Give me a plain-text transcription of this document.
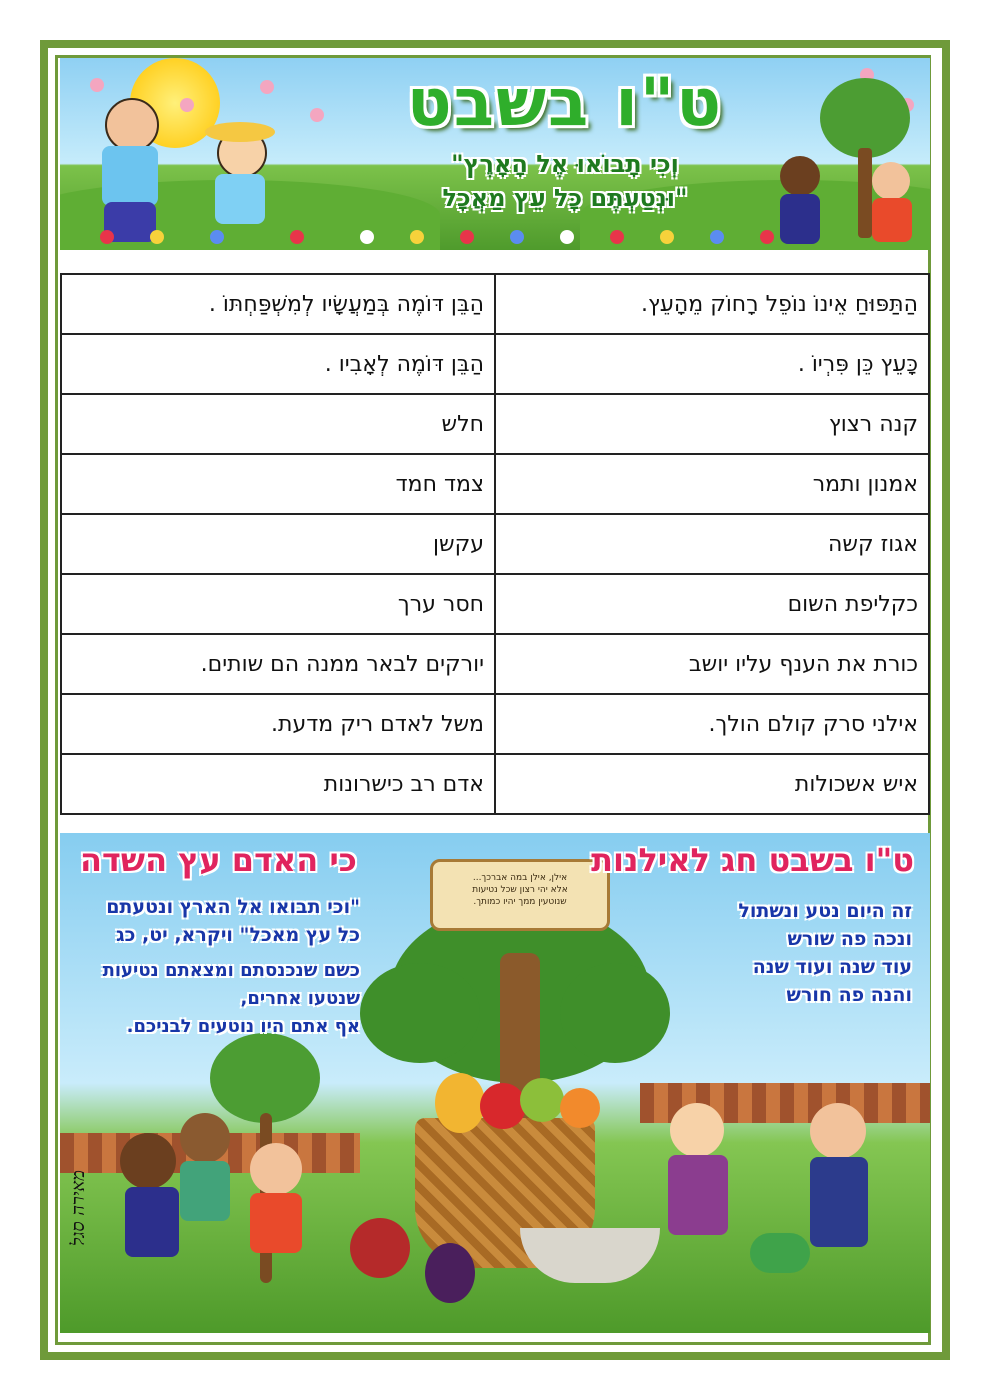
ט"ו בשבט
"וְכִי תָבוֹאוּ אֶל הָאָרֶץ
וּנְטַעְתֶּם כָּל עֵץ מַאֲכָל"
הַתַּפּוּחַ אֵינוֹ נוֹפֵל רָחוֹק מֵהָעֵץ.	הַבֵּן דּוֹמֶה בְּמַעֲשָׂיו לְמִשְׁפַּחְתּוֹ .
כָּעֵץ כֵּן פִּרְיוֹ .	הַבֵּן דּוֹמֶה לְאָבִיו .
קנה רצוץ	חלש
אמנון ותמר	צמד חמד
אגוז קשה	עקשן
כקליפת השום	חסר ערך
כורת את הענף עליו יושב	יורקים לבאר ממנה הם שותים.
אילני סרק קולם הולך.	משל לאדם ריק מדעת.
איש אשכולות	אדם רב כישרונות
אילן, אילן במה אברכך...
אלא יהי רצון שכל נטיעות
שנוטעין ממך יהיו כמותך.
ט"ו בשבט חג לאילנות
כי האדם עץ השדה
זה היום נטע ונשתול
ונכה פה שורש
עוד שנה ועוד שנה
והנה פה חורש
"וכי תבואו אל הארץ ונטעתם
כל עץ מאכל" ויקרא, יט, כג
כשם שנכנסתם ומצאתם נטיעות
שנטעו אחרים,
אף אתם היו נוטעים לבניכם.
מאירה סגל
